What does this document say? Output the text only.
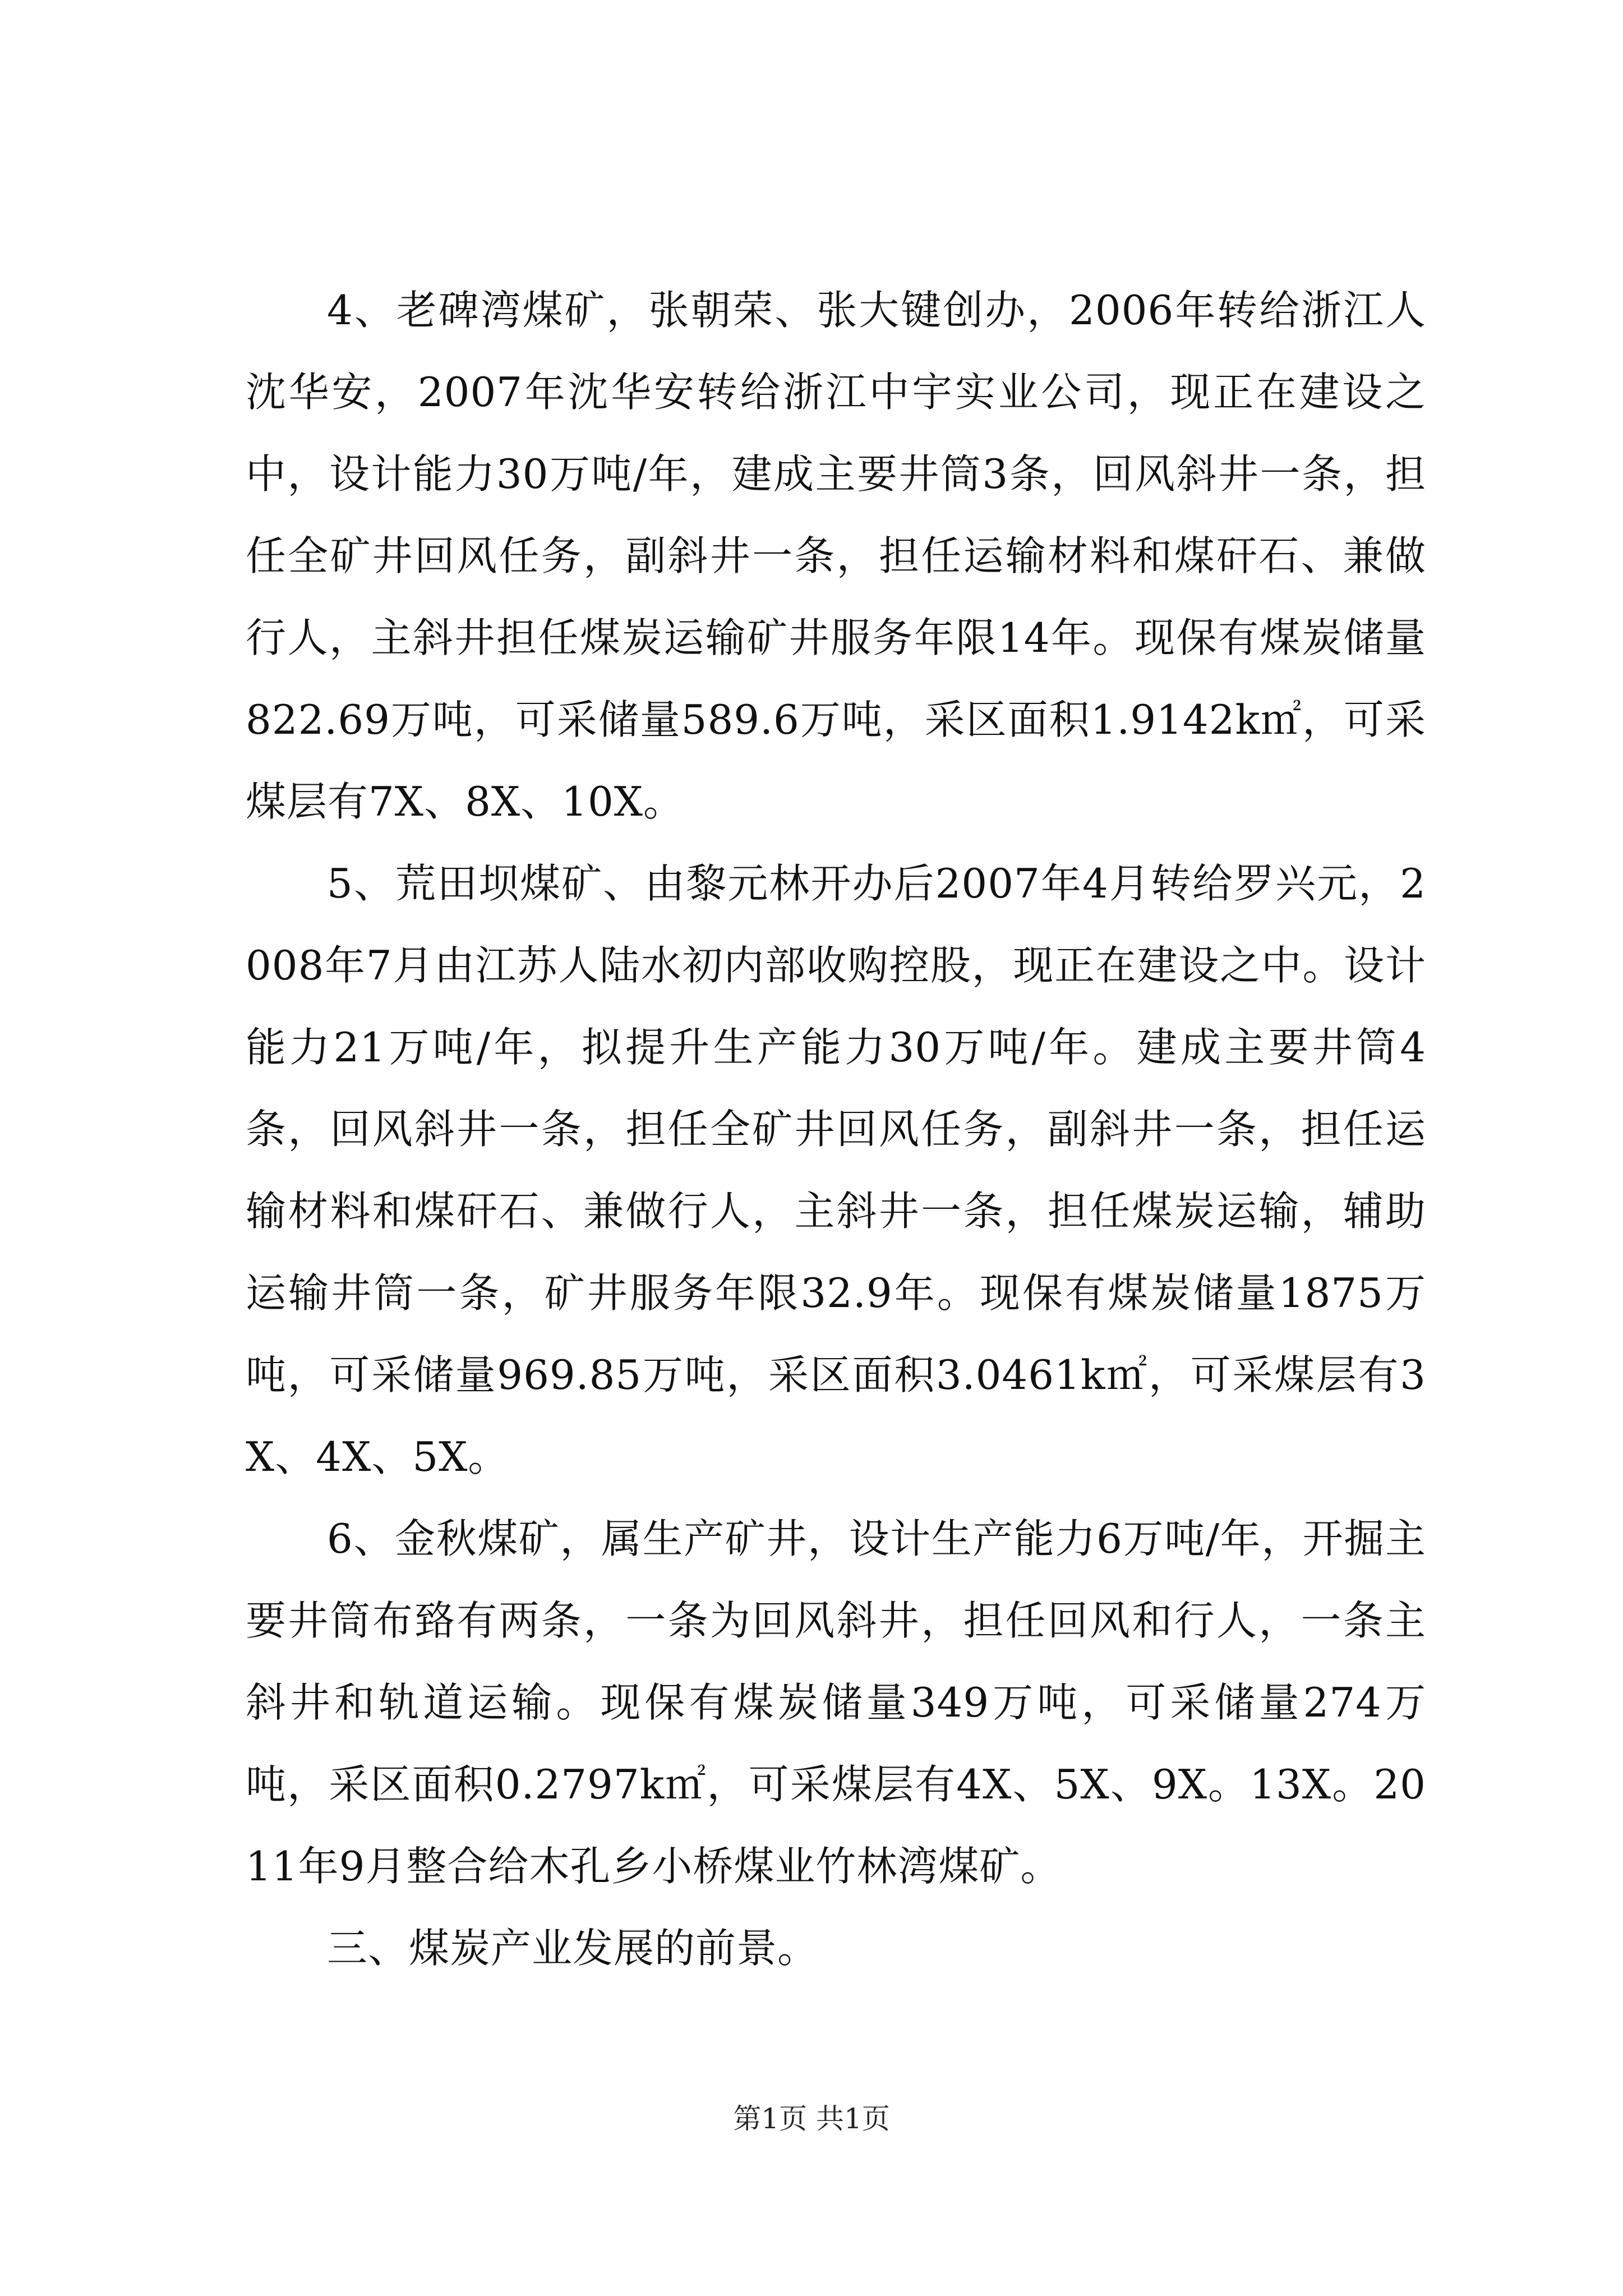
4、老碑湾煤矿，张朝荣、张大键创办，2006年转给浙江人沈华安，2007年沈华安转给浙江中宇实业公司，现正在建设之中，设计能力30万吨/年，建成主要井筒3条，回风斜井一条，担任全矿井回风任务，副斜井一条，担任运输材料和煤矸石、兼做行人，主斜井担任煤炭运输矿井服务年限14年。现保有煤炭储量822.69万吨，可采储量589.6万吨，采区面积1.9142k㎡，可采煤层有7X、8X、10X。

5、荒田坝煤矿、由黎元林开办后2007年4月转给罗兴元，2008年7月由江苏人陆水初内部收购控股，现正在建设之中。设计能力21万吨/年，拟提升生产能力30万吨/年。建成主要井筒4条，回风斜井一条，担任全矿井回风任务，副斜井一条，担任运输材料和煤矸石、兼做行人，主斜井一条，担任煤炭运输，辅助运输井筒一条，矿井服务年限32.9年。现保有煤炭储量1875万吨，可采储量969.85万吨，采区面积3.0461k㎡，可采煤层有3X、4X、5X。

6、金秋煤矿，属生产矿井，设计生产能力6万吨/年，开掘主要井筒布臵有两条，一条为回风斜井，担任回风和行人，一条主斜井和轨道运输。现保有煤炭储量349万吨，可采储量274万吨，采区面积0.2797k㎡，可采煤层有4X、5X、9X。13X。2011年9月整合给木孔乡小桥煤业竹林湾煤矿。

三、煤炭产业发展的前景。

第1页 共1页
